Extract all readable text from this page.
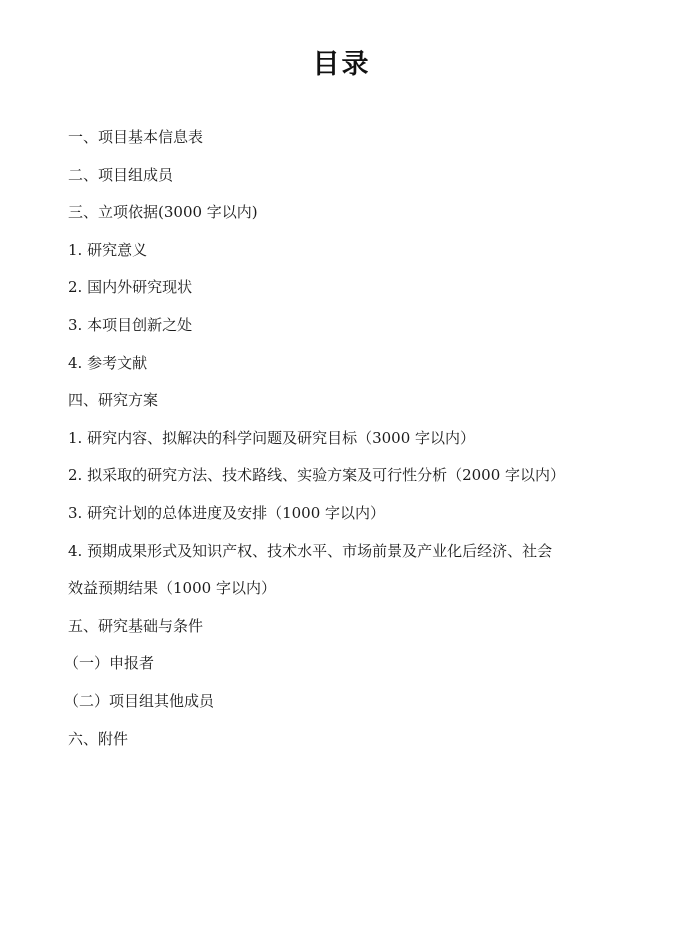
目录
一、项目基本信息表
二、项目组成员
三、立项依据(3000 字以内)
1. 研究意义
2. 国内外研究现状
3. 本项目创新之处
4. 参考文献
四、研究方案
1. 研究内容、拟解决的科学问题及研究目标（3000 字以内）
2. 拟采取的研究方法、技术路线、实验方案及可行性分析（2000 字以内）
3. 研究计划的总体进度及安排（1000 字以内）
4. 预期成果形式及知识产权、技术水平、市场前景及产业化后经济、社会
效益预期结果（1000 字以内）
五、研究基础与条件
（一）申报者
（二）项目组其他成员
六、附件
